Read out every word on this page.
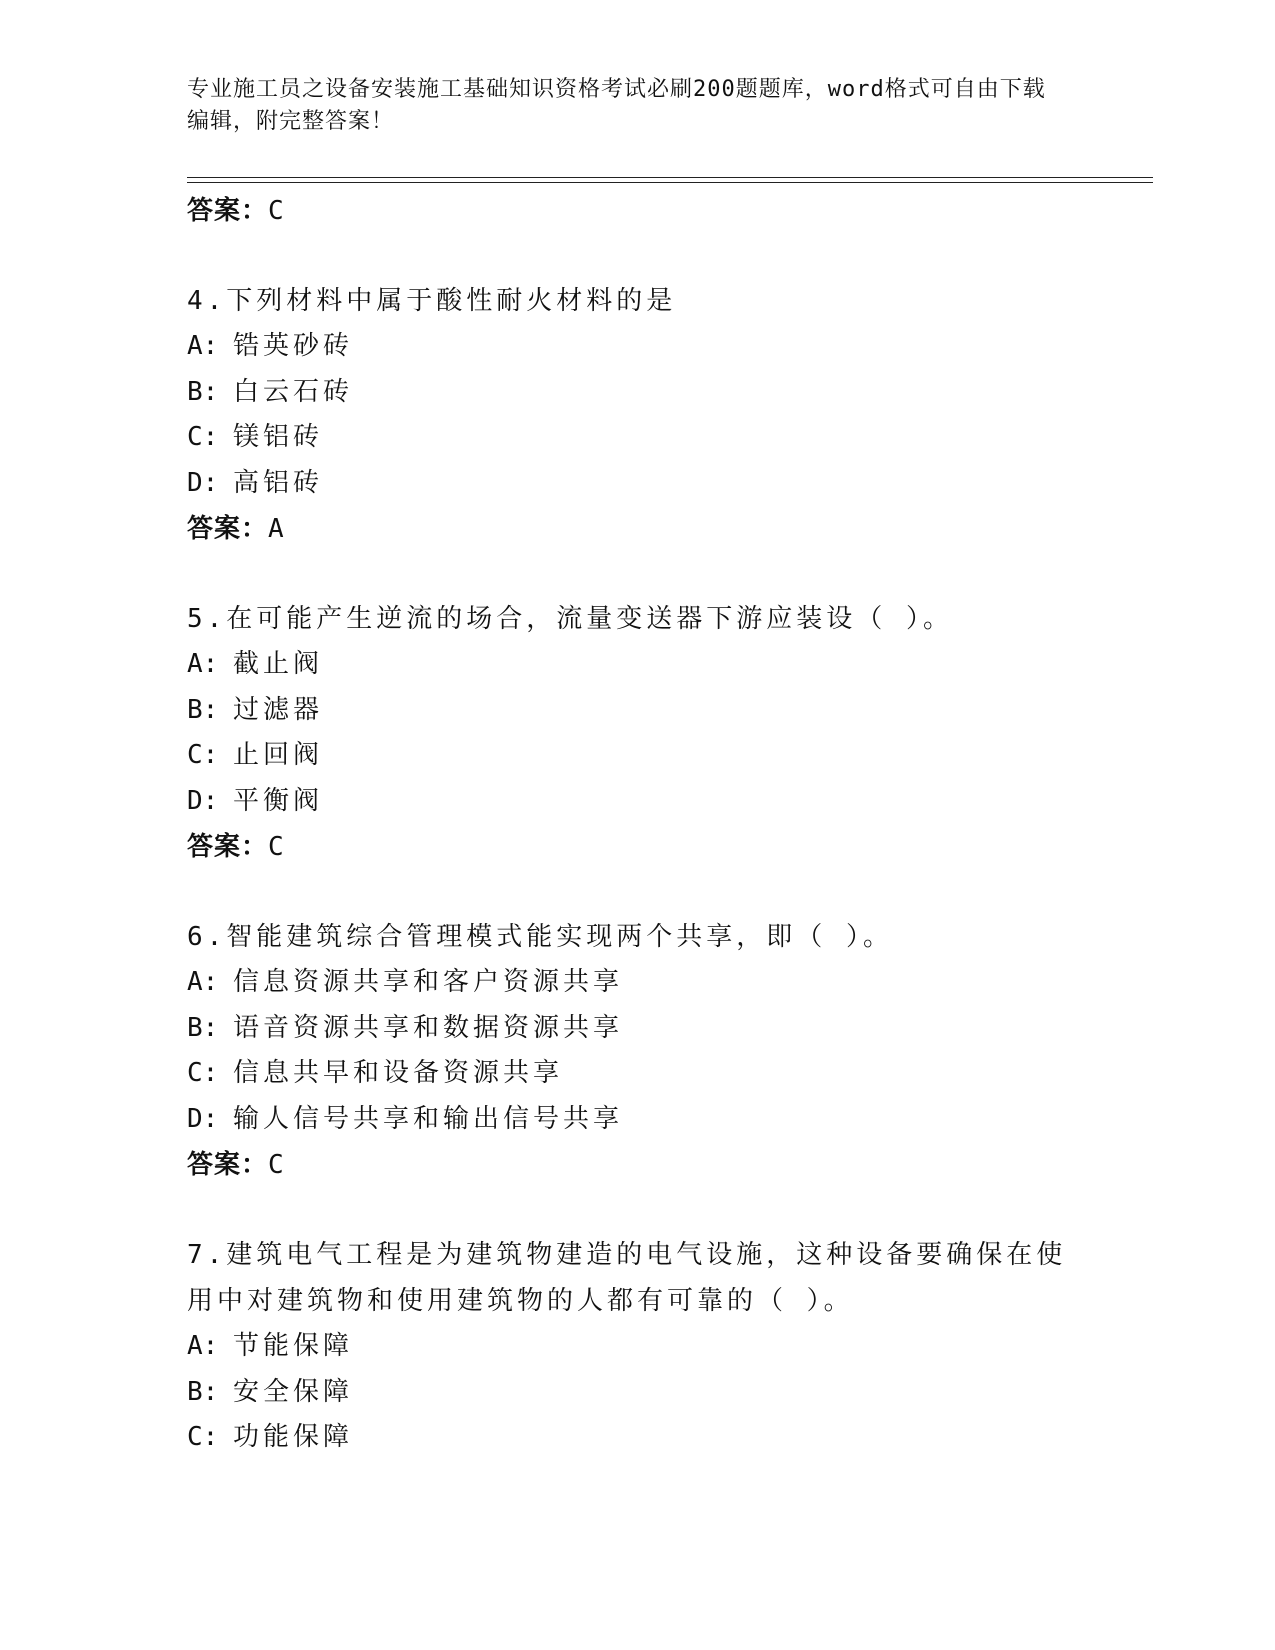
专业施工员之设备安装施工基础知识资格考试必刷200题题库，word格式可自由下载编辑，附完整答案！
答案：C
4.下列材料中属于酸性耐火材料的是
A: 锆英砂砖
B: 白云石砖
C: 镁铝砖
D: 高铝砖
答案：A
5.在可能产生逆流的场合，流量变送器下游应装设（ ）。
A: 截止阀
B: 过滤器
C: 止回阀
D: 平衡阀
答案：C
6.智能建筑综合管理模式能实现两个共享，即（ ）。
A: 信息资源共享和客户资源共享
B: 语音资源共享和数据资源共享
C: 信息共早和设备资源共享
D: 输人信号共享和输出信号共享
答案：C
7.建筑电气工程是为建筑物建造的电气设施，这种设备要确保在使用中对建筑物和使用建筑物的人都有可靠的（ ）。
A: 节能保障
B: 安全保障
C: 功能保障
